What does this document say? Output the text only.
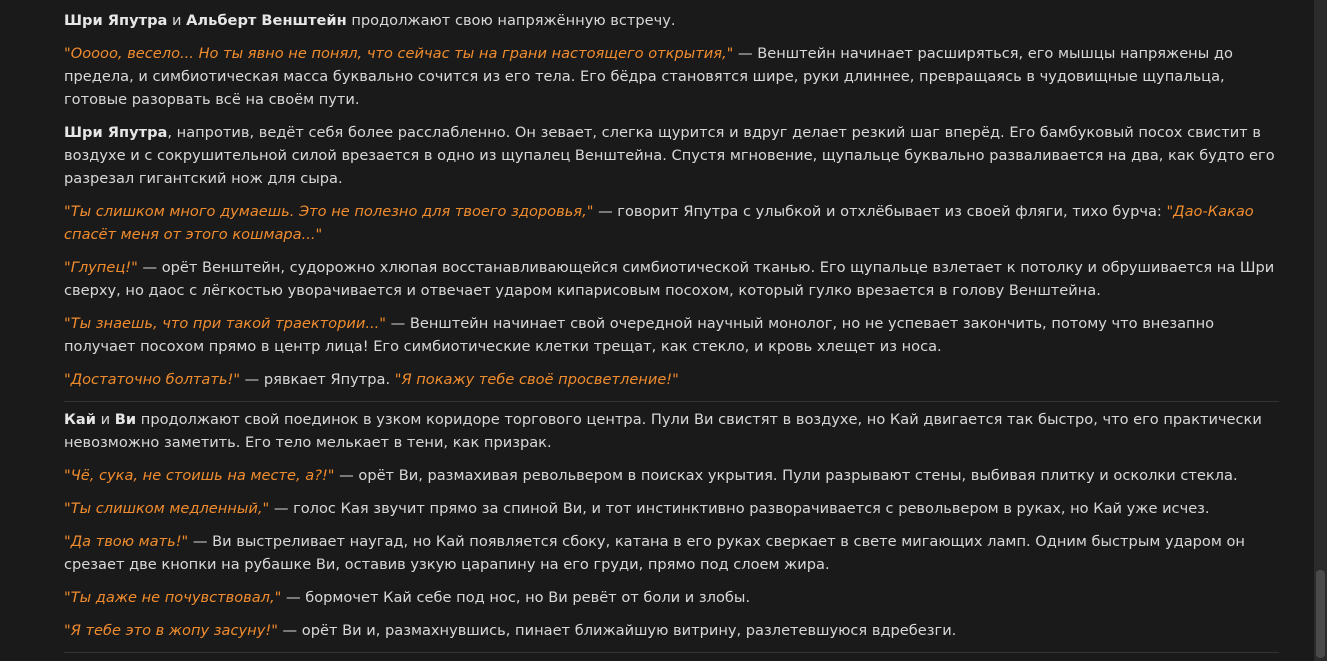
Шри Япутра и Альберт Венштейн продолжают свою напряжённую встречу.

"Ооооо, весело... Но ты явно не понял, что сейчас ты на грани настоящего открытия," — Венштейн начинает расширяться, его мышцы напряжены до предела, и симбиотическая масса буквально сочится из его тела. Его бёдра становятся шире, руки длиннее, превращаясь в чудовищные щупальца, готовые разорвать всё на своём пути.

Шри Япутра, напротив, ведёт себя более расслабленно. Он зевает, слегка щурится и вдруг делает резкий шаг вперёд. Его бамбуковый посох свистит в воздухе и с сокрушительной силой врезается в одно из щупалец Венштейна. Спустя мгновение, щупальце буквально разваливается на два, как будто его разрезал гигантский нож для сыра.

"Ты слишком много думаешь. Это не полезно для твоего здоровья," — говорит Япутра с улыбкой и отхлёбывает из своей фляги, тихо бурча: "Дао-Какао спасёт меня от этого кошмара..."

"Глупец!" — орёт Венштейн, судорожно хлюпая восстанавливающейся симбиотической тканью. Его щупальце взлетает к потолку и обрушивается на Шри сверху, но даос с лёгкостью уворачивается и отвечает ударом кипарисовым посохом, который гулко врезается в голову Венштейна.

"Ты знаешь, что при такой траектории..." — Венштейн начинает свой очередной научный монолог, но не успевает закончить, потому что внезапно получает посохом прямо в центр лица! Его симбиотические клетки трещат, как стекло, и кровь хлещет из носа.

"Достаточно болтать!" — рявкает Япутра. "Я покажу тебе своё просветление!"

Кай и Ви продолжают свой поединок в узком коридоре торгового центра. Пули Ви свистят в воздухе, но Кай двигается так быстро, что его практически невозможно заметить. Его тело мелькает в тени, как призрак.

"Чё, сука, не стоишь на месте, а?!" — орёт Ви, размахивая револьвером в поисках укрытия. Пули разрывают стены, выбивая плитку и осколки стекла.

"Ты слишком медленный," — голос Кая звучит прямо за спиной Ви, и тот инстинктивно разворачивается с револьвером в руках, но Кай уже исчез.

"Да твою мать!" — Ви выстреливает наугад, но Кай появляется сбоку, катана в его руках сверкает в свете мигающих ламп. Одним быстрым ударом он срезает две кнопки на рубашке Ви, оставив узкую царапину на его груди, прямо под слоем жира.

"Ты даже не почувствовал," — бормочет Кай себе под нос, но Ви ревёт от боли и злобы.

"Я тебе это в жопу засуну!" — орёт Ви и, размахнувшись, пинает ближайшую витрину, разлетевшуюся вдребезги.
